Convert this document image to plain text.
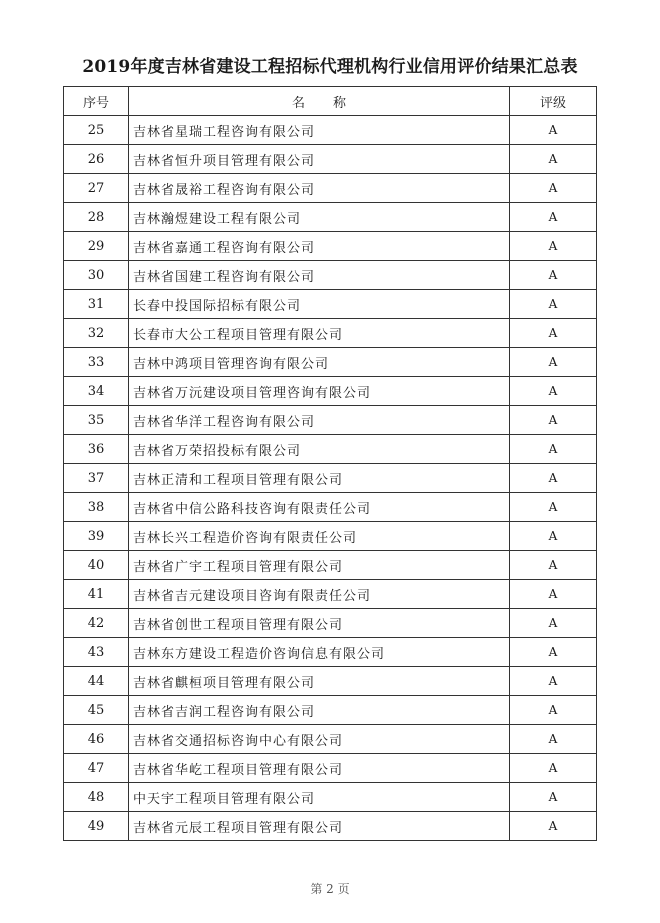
2019年度吉林省建设工程招标代理机构行业信用评价结果汇总表
序号	名称	评级
25	吉林省星瑞工程咨询有限公司	A
26	吉林省恒升项目管理有限公司	A
27	吉林省晟裕工程咨询有限公司	A
28	吉林瀚煜建设工程有限公司	A
29	吉林省嘉通工程咨询有限公司	A
30	吉林省国建工程咨询有限公司	A
31	长春中投国际招标有限公司	A
32	长春市大公工程项目管理有限公司	A
33	吉林中鸿项目管理咨询有限公司	A
34	吉林省万沅建设项目管理咨询有限公司	A
35	吉林省华洋工程咨询有限公司	A
36	吉林省万荣招投标有限公司	A
37	吉林正清和工程项目管理有限公司	A
38	吉林省中信公路科技咨询有限责任公司	A
39	吉林长兴工程造价咨询有限责任公司	A
40	吉林省广宇工程项目管理有限公司	A
41	吉林省吉元建设项目咨询有限责任公司	A
42	吉林省创世工程项目管理有限公司	A
43	吉林东方建设工程造价咨询信息有限公司	A
44	吉林省麒桓项目管理有限公司	A
45	吉林省吉润工程咨询有限公司	A
46	吉林省交通招标咨询中心有限公司	A
47	吉林省华屹工程项目管理有限公司	A
48	中天宇工程项目管理有限公司	A
49	吉林省元辰工程项目管理有限公司	A
第 2 页
